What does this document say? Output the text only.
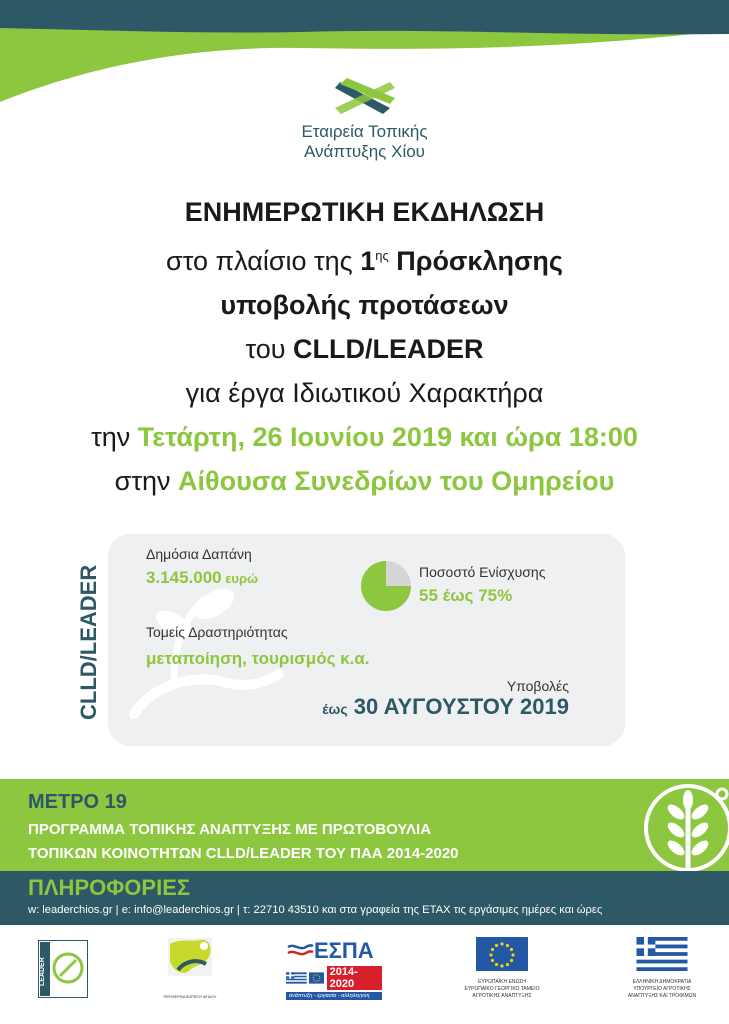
Εταιρεία Τοπικής
Ανάπτυξης Χίου
ΕΝΗΜΕΡΩΤΙΚΗ ΕΚΔΗΛΩΣΗ
στο πλαίσιο της $1^{\eta\varsigma}$ Πρόσκλησης
υποβολής προτάσεων
του CLLD/LEADER
για έργα Ιδιωτικού Χαρακτήρα
την Τετάρτη, 26 Ιουνίου 2019 και ώρα 18:00
στην Αίθουσα Συνεδρίων του Ομηρείου
CLLD/LEADER
Δημόσια Δαπάνη
3.145.000 ευρώ	Ποσοστό Ενίσχυσης
55 έως 75%
Τομείς Δραστηριότητας
μεταποίηση, τουρισμός κ.α.
Υποβολές
έως 30 ΑΥΓΟΥΣΤΟΥ 2019
ΜΕΤΡΟ 19
ΠΡΟΓΡΑΜΜΑ ΤΟΠΙΚΗΣ ΑΝΑΠΤΥΞΗΣ ΜΕ ΠΡΩΤΟΒΟΥΛΙΑ
ΤΟΠΙΚΩΝ ΚΟΙΝΟΤΗΤΩΝ CLLD/LEADER ΤΟΥ ΠΑΑ 2014-2020
ΠΛΗΡΟΦΟΡΙΕΣ
w: leaderchios.gr | e: info@leaderchios.gr | τ: 22710 43510 και στα γραφεία της ΕΤΑΧ τις εργάσιμες ημέρες και ώρες
LEADER
ΠΕΡΙΦΕΡΕΙΑ ΒΟΡΕΙΟΥ ΑΙΓΑΙΟΥ
ΕΣΠΑ
2014-2020
ανάπτυξη - εργασία - αλληλεγγύη
ΕΥΡΩΠΑΪΚΗ ΕΝΩΣΗ
ΕΥΡΩΠΑΪΚΟ ΓΕΩΡΓΙΚΟ ΤΑΜΕΙΟ
ΑΓΡΟΤΙΚΗΣ ΑΝΑΠΤΥΞΗΣ
ΕΛΛΗΝΙΚΗ ΔΗΜΟΚΡΑΤΙΑ
ΥΠΟΥΡΓΕΙΟ ΑΓΡΟΤΙΚΗΣ
ΑΝΑΠΤΥΞΗΣ ΚΑΙ ΤΡΟΦΙΜΩΝ
